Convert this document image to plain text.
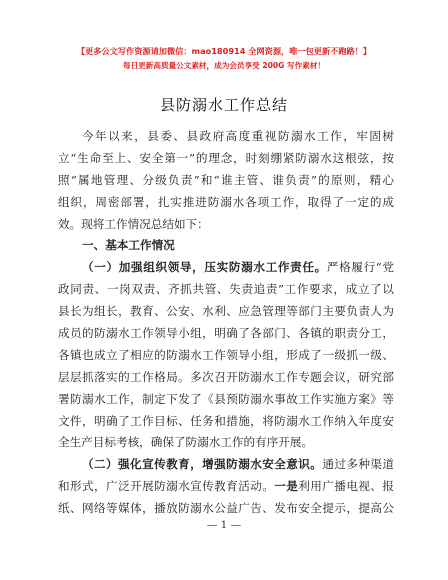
【更多公文写作资源请加微信：mao180914 全网资源，唯一包更新不跑路！】
每日更新高质量公文素材，成为会员享受 200G 写作素材！
县防溺水工作总结
今年以来，县委、县政府高度重视防溺水工作，牢固树
立“生命至上、安全第一”的理念，时刻绷紧防溺水这根弦，按
照“属地管理、分级负责”和“谁主管、谁负责”的原则，精心
组织，周密部署，扎实推进防溺水各项工作，取得了一定的成
效。现将工作情况总结如下：
一、基本工作情况
（一）加强组织领导，压实防溺水工作责任。严格履行“党
政同责、一岗双责、齐抓共管、失责追责”工作要求，成立了以
县长为组长，教育、公安、水利、应急管理等部门主要负责人为
成员的防溺水工作领导小组，明确了各部门、各镇的职责分工，
各镇也成立了相应的防溺水工作领导小组，形成了一级抓一级、
层层抓落实的工作格局。多次召开防溺水工作专题会议，研究部
署防溺水工作，制定下发了《县预防溺水事故工作实施方案》等
文件，明确了工作目标、任务和措施，将防溺水工作纳入年度安
全生产目标考核，确保了防溺水工作的有序开展。
（二）强化宣传教育，增强防溺水安全意识。通过多种渠道
和形式，广泛开展防溺水宣传教育活动。一是利用广播电视、报
纸、网络等媒体，播放防溺水公益广告、发布安全提示，提高公
— 1 —
